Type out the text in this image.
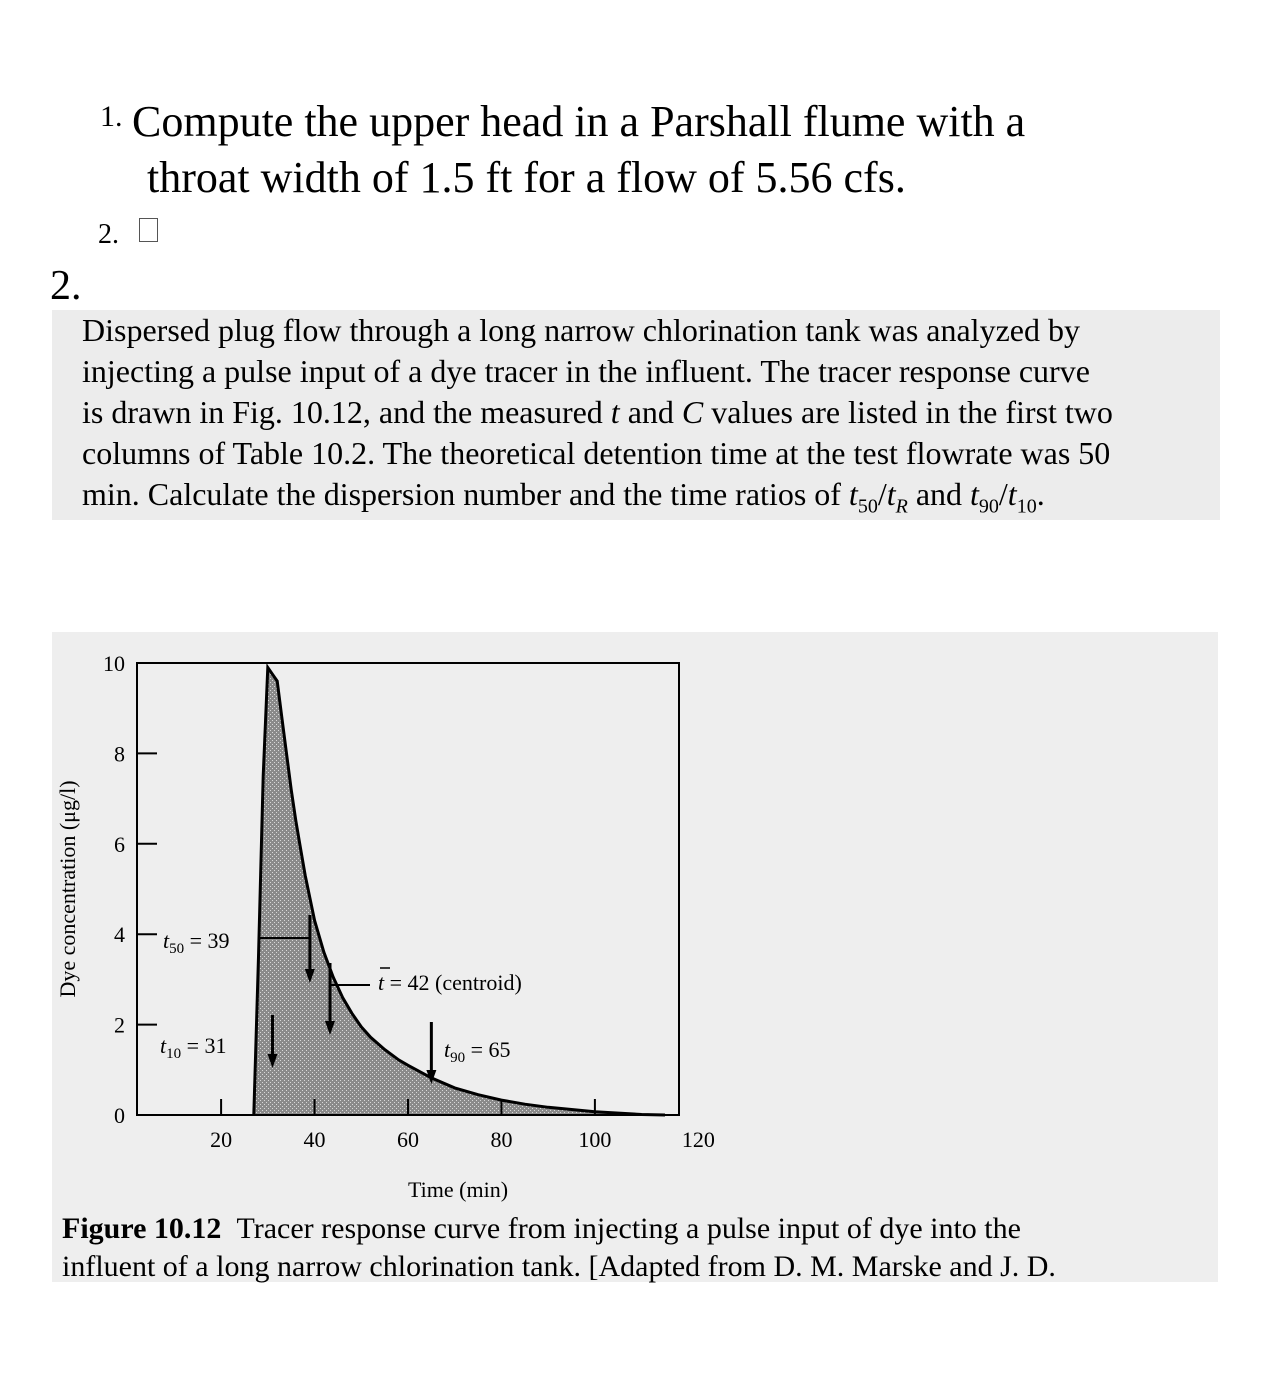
1. Compute the upper head in a Parshall flume with a
throat width of 1.5 ft for a flow of 5.56 cfs.
2.
2.
Dispersed plug flow through a long narrow chlorination tank was analyzed by
injecting a pulse input of a dye tracer in the influent. The tracer response curve
is drawn in Fig. 10.12, and the measured t and C values are listed in the first two
columns of Table 10.2. The theoretical detention time at the test flowrate was 50
min. Calculate the dispersion number and the time ratios of $t_{50}/t_R$ and $t_{90}/t_{10}$.
0
2
4
6
8
10
20	40	60	80	100	120
Time (min)
Dye concentration (μg/l)	$t_{50} = 39$
$t_{10} = 31$
t = 42 (centroid)
$t_{90} = 65$
Figure 10.12 Tracer response curve from injecting a pulse input of dye into the
influent of a long narrow chlorination tank. [Adapted from D. M. Marske and J. D.
